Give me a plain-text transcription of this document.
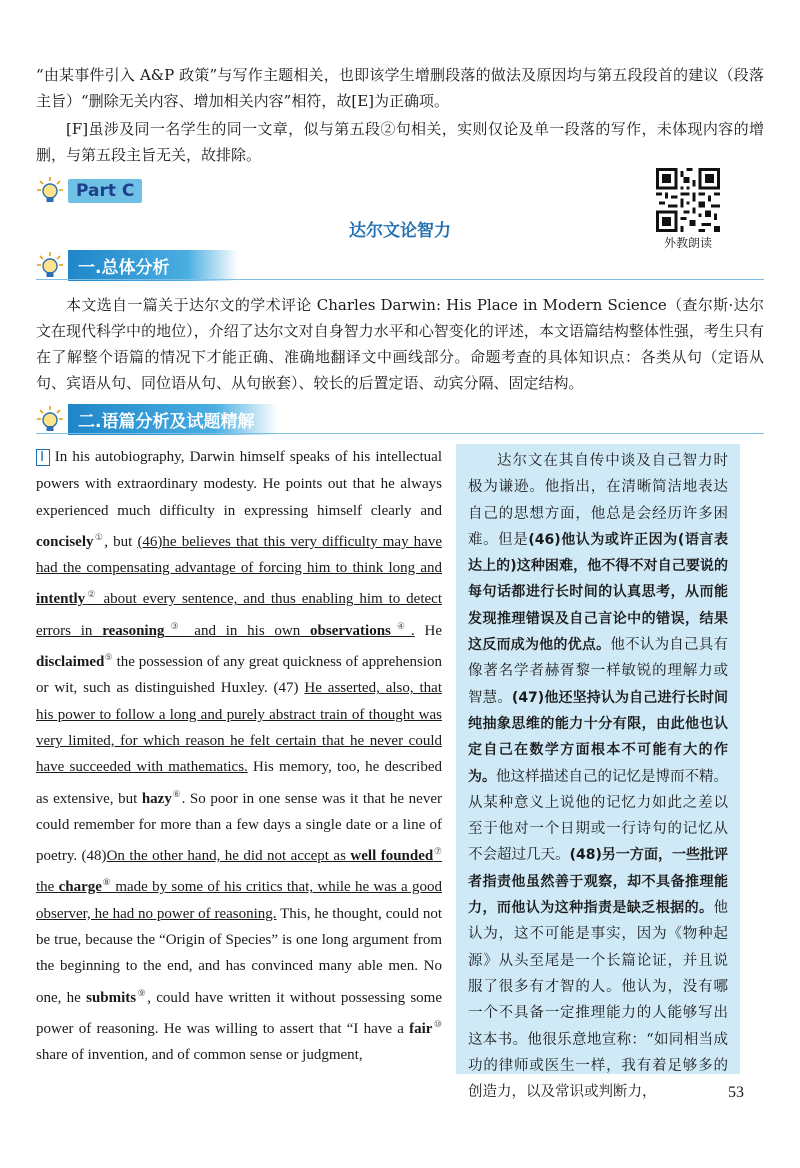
“由某事件引入 A&P 政策”与写作主题相关，也即该学生增删段落的做法及原因均与第五段段首的建议（段落主旨）“删除无关内容、增加相关内容”相符，故[E]为正确项。

[F]虽涉及同一名学生的同一文章，似与第五段②句相关，实则仅论及单一段落的写作，未体现内容的增删，与第五段主旨无关，故排除。

Part C
达尔文论智力
外教朗读
一.总体分析

本文选自一篇关于达尔文的学术评论 Charles Darwin: His Place in Modern Science（查尔斯·达尔文在现代科学中的地位），介绍了达尔文对自身智力水平和心智变化的评述，本文语篇结构整体性强，考生只有在了解整个语篇的情况下才能正确、准确地翻译文中画线部分。命题考查的具体知识点：各类从句（定语从句、宾语从句、同位语从句、从句嵌套）、较长的后置定语、动宾分隔、固定结构。

二.语篇分析及试题精解
Ⅰ In his autobiography, Darwin himself speaks of his intellectual powers with extraordinary modesty. He points out that he always experienced much difficulty in expressing himself clearly and concisely①, but (46)he believes that this very difficulty may have had the compensating advantage of forcing him to think long and intently② about every sentence, and thus enabling him to detect errors in reasoning③ and in his own observations④. He disclaimed⑤ the possession of any great quickness of apprehension or wit, such as distinguished Huxley. (47) He asserted, also, that his power to follow a long and purely abstract train of thought was very limited, for which reason he felt certain that he never could have succeeded with mathematics. His memory, too, he described as extensive, but hazy⑥. So poor in one sense was it that he never could remember for more than a few days a single date or a line of poetry. (48)On the other hand, he did not accept as well founded⑦ the charge⑧ made by some of his critics that, while he was a good observer, he had no power of reasoning. This, he thought, could not be true, because the “Origin of Species” is one long argument from the beginning to the end, and has convinced many able men. No one, he submits⑨, could have written it without possessing some power of reasoning. He was willing to assert that “I have a fair⑩ share of invention, and of common sense or judgment,
达尔文在其自传中谈及自己智力时极为谦逊。他指出，在清晰简洁地表达自己的思想方面，他总是会经历许多困难。但是(46)他认为或许正因为(语言表达上的)这种困难，他不得不对自己要说的每句话都进行长时间的认真思考，从而能发现推理错误及自己言论中的错误，结果这反而成为他的优点。他不认为自己具有像著名学者赫胥黎一样敏锐的理解力或智慧。(47)他还坚持认为自己进行长时间纯抽象思维的能力十分有限，由此他也认定自己在数学方面根本不可能有大的作为。他这样描述自己的记忆是博而不精。从某种意义上说他的记忆力如此之差以至于他对一个日期或一行诗句的记忆从不会超过几天。(48)另一方面，一些批评者指责他虽然善于观察，却不具备推理能力，而他认为这种指责是缺乏根据的。他认为，这不可能是事实，因为《物种起源》从头至尾是一个长篇论证，并且说服了很多有才智的人。他认为，没有哪一个不具备一定推理能力的人能够写出这本书。他很乐意地宣称：“如同相当成功的律师或医生一样，我有着足够多的创造力，以及常识或判断力，	53
